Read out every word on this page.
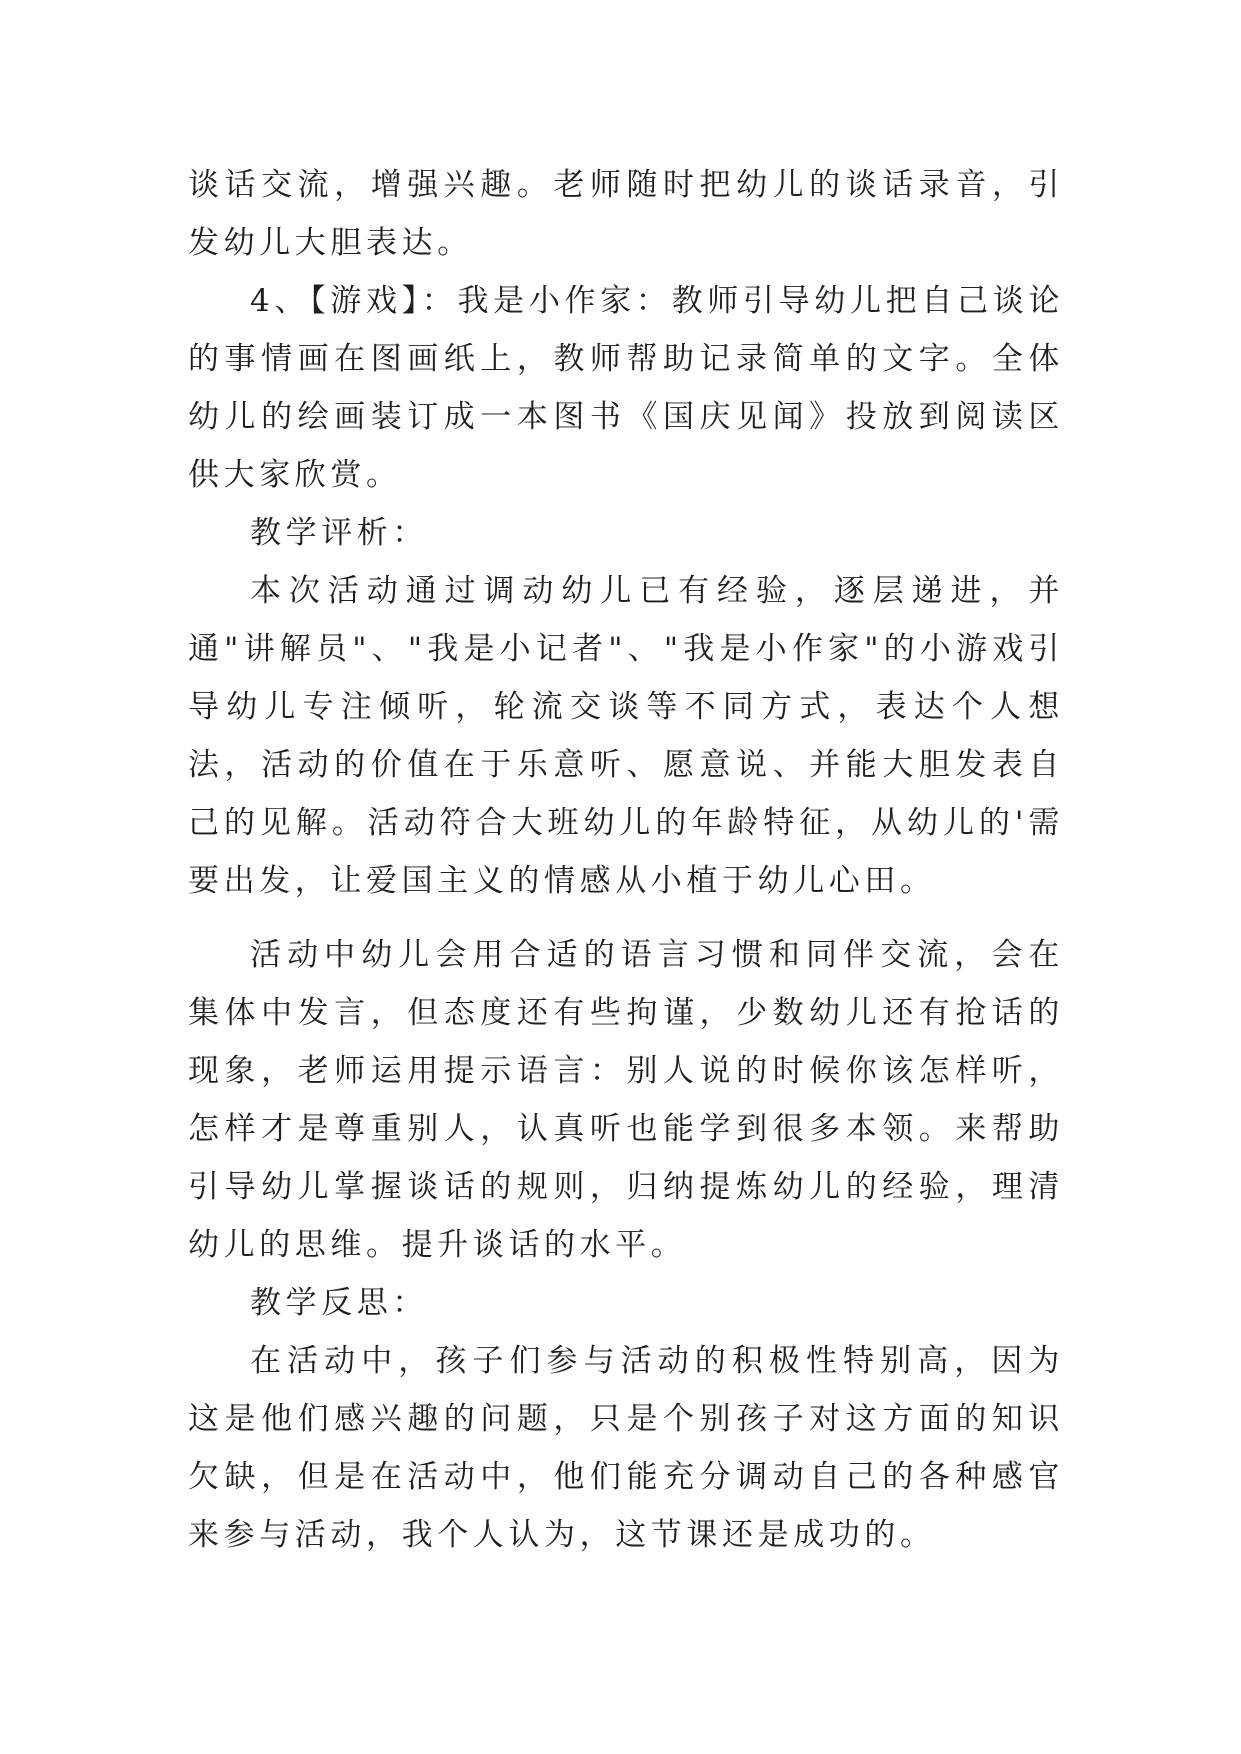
谈话交流，增强兴趣。老师随时把幼儿的谈话录音，引发幼儿大胆表达。

4、【游戏】：我是小作家：教师引导幼儿把自己谈论的事情画在图画纸上，教师帮助记录简单的文字。全体幼儿的绘画装订成一本图书《国庆见闻》投放到阅读区供大家欣赏。

教学评析：

本次活动通过调动幼儿已有经验，逐层递进，并通"讲解员"、"我是小记者"、"我是小作家"的小游戏引导幼儿专注倾听，轮流交谈等不同方式，表达个人想法，活动的价值在于乐意听、愿意说、并能大胆发表自己的见解。活动符合大班幼儿的年龄特征，从幼儿的'需要出发，让爱国主义的情感从小植于幼儿心田。

活动中幼儿会用合适的语言习惯和同伴交流，会在集体中发言，但态度还有些拘谨，少数幼儿还有抢话的现象，老师运用提示语言：别人说的时候你该怎样听，怎样才是尊重别人，认真听也能学到很多本领。来帮助引导幼儿掌握谈话的规则，归纳提炼幼儿的经验，理清幼儿的思维。提升谈话的水平。

教学反思：

在活动中，孩子们参与活动的积极性特别高，因为这是他们感兴趣的问题，只是个别孩子对这方面的知识欠缺，但是在活动中，他们能充分调动自己的各种感官来参与活动，我个人认为，这节课还是成功的。
